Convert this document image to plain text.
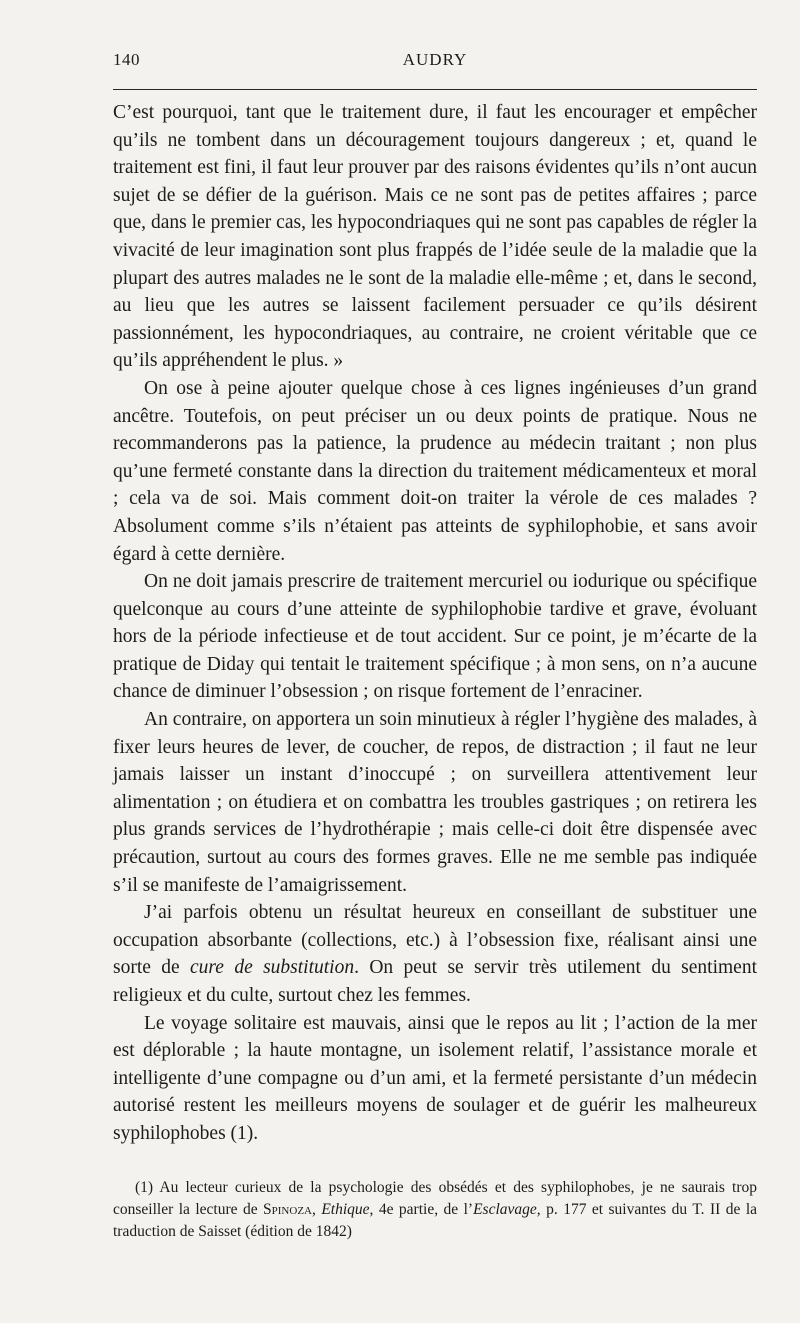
140	AUDRY

C’est pourquoi, tant que le traitement dure, il faut les encourager et empêcher qu’ils ne tombent dans un découragement toujours dangereux ; et, quand le traitement est fini, il faut leur prouver par des raisons évidentes qu’ils n’ont aucun sujet de se défier de la guérison. Mais ce ne sont pas de petites affaires ; parce que, dans le premier cas, les hypocondriaques qui ne sont pas capables de régler la vivacité de leur imagination sont plus frappés de l’idée seule de la maladie que la plupart des autres malades ne le sont de la maladie elle-même ; et, dans le second, au lieu que les autres se laissent facilement persuader ce qu’ils désirent passionnément, les hypocondriaques, au contraire, ne croient véritable que ce qu’ils appréhendent le plus. »

On ose à peine ajouter quelque chose à ces lignes ingénieuses d’un grand ancêtre. Toutefois, on peut préciser un ou deux points de pratique. Nous ne recommanderons pas la patience, la prudence au médecin traitant ; non plus qu’une fermeté constante dans la direction du traitement médicamenteux et moral ; cela va de soi. Mais comment doit-on traiter la vérole de ces malades ? Absolument comme s’ils n’étaient pas atteints de syphilophobie, et sans avoir égard à cette dernière.

On ne doit jamais prescrire de traitement mercuriel ou iodurique ou spécifique quelconque au cours d’une atteinte de syphilophobie tardive et grave, évoluant hors de la période infectieuse et de tout accident. Sur ce point, je m’écarte de la pratique de Diday qui tentait le traitement spécifique ; à mon sens, on n’a aucune chance de diminuer l’obsession ; on risque fortement de l’enraciner.

An contraire, on apportera un soin minutieux à régler l’hygiène des malades, à fixer leurs heures de lever, de coucher, de repos, de distraction ; il faut ne leur jamais laisser un instant d’inoccupé ; on surveillera attentivement leur alimentation ; on étudiera et on combattra les troubles gastriques ; on retirera les plus grands services de l’hydrothérapie ; mais celle-ci doit être dispensée avec précaution, surtout au cours des formes graves. Elle ne me semble pas indiquée s’il se manifeste de l’amaigrissement.

J’ai parfois obtenu un résultat heureux en conseillant de substituer une occupation absorbante (collections, etc.) à l’obsession fixe, réalisant ainsi une sorte de cure de substitution. On peut se servir très utilement du sentiment religieux et du culte, surtout chez les femmes.

Le voyage solitaire est mauvais, ainsi que le repos au lit ; l’action de la mer est déplorable ; la haute montagne, un isolement relatif, l’assistance morale et intelligente d’une compagne ou d’un ami, et la fermeté persistante d’un médecin autorisé restent les meilleurs moyens de soulager et de guérir les malheureux syphilophobes (1).

(1) Au lecteur curieux de la psychologie des obsédés et des syphilophobes, je ne saurais trop conseiller la lecture de Spinoza, Ethique, 4e partie, de l’Esclavage, p. 177 et suivantes du T. II de la traduction de Saisset (édition de 1842)
